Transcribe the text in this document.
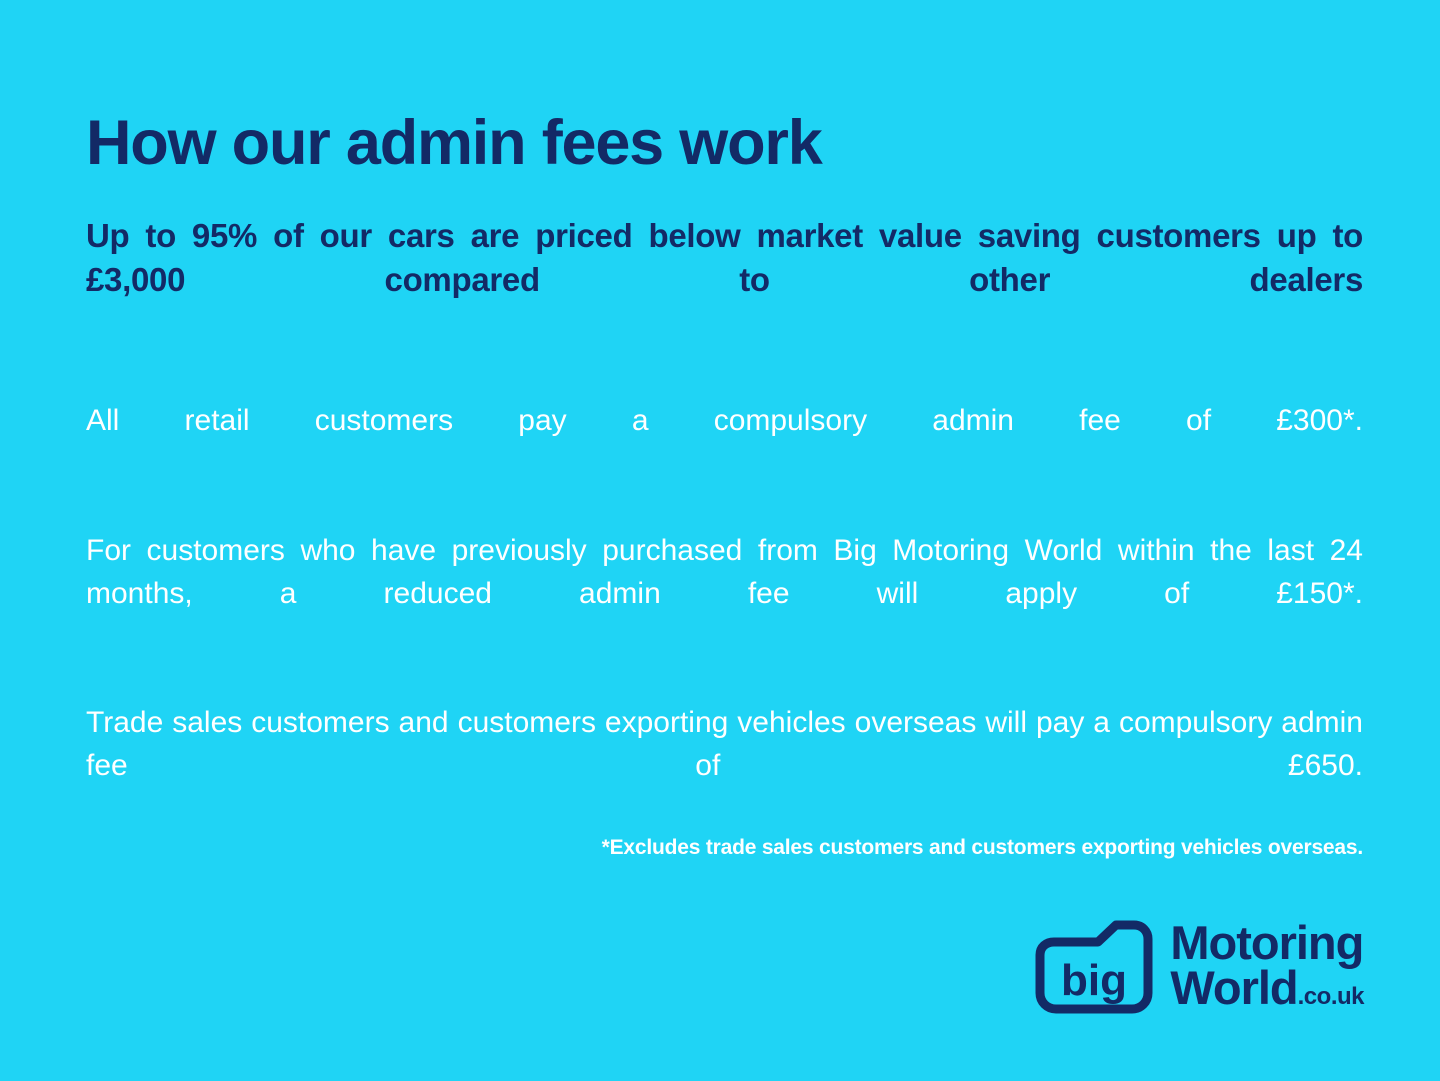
How our admin fees work

Up to 95% of our cars are priced below market value saving customers up to £3,000 compared to other dealers

All retail customers pay a compulsory admin fee of £300*.

For customers who have previously purchased from Big Motoring World within the last 24 months, a reduced admin fee will apply of £150*.

Trade sales customers and customers exporting vehicles overseas will pay a compulsory admin fee of £650.

*Excludes trade sales customers and customers exporting vehicles overseas.
big
Motoring
World.co.uk
